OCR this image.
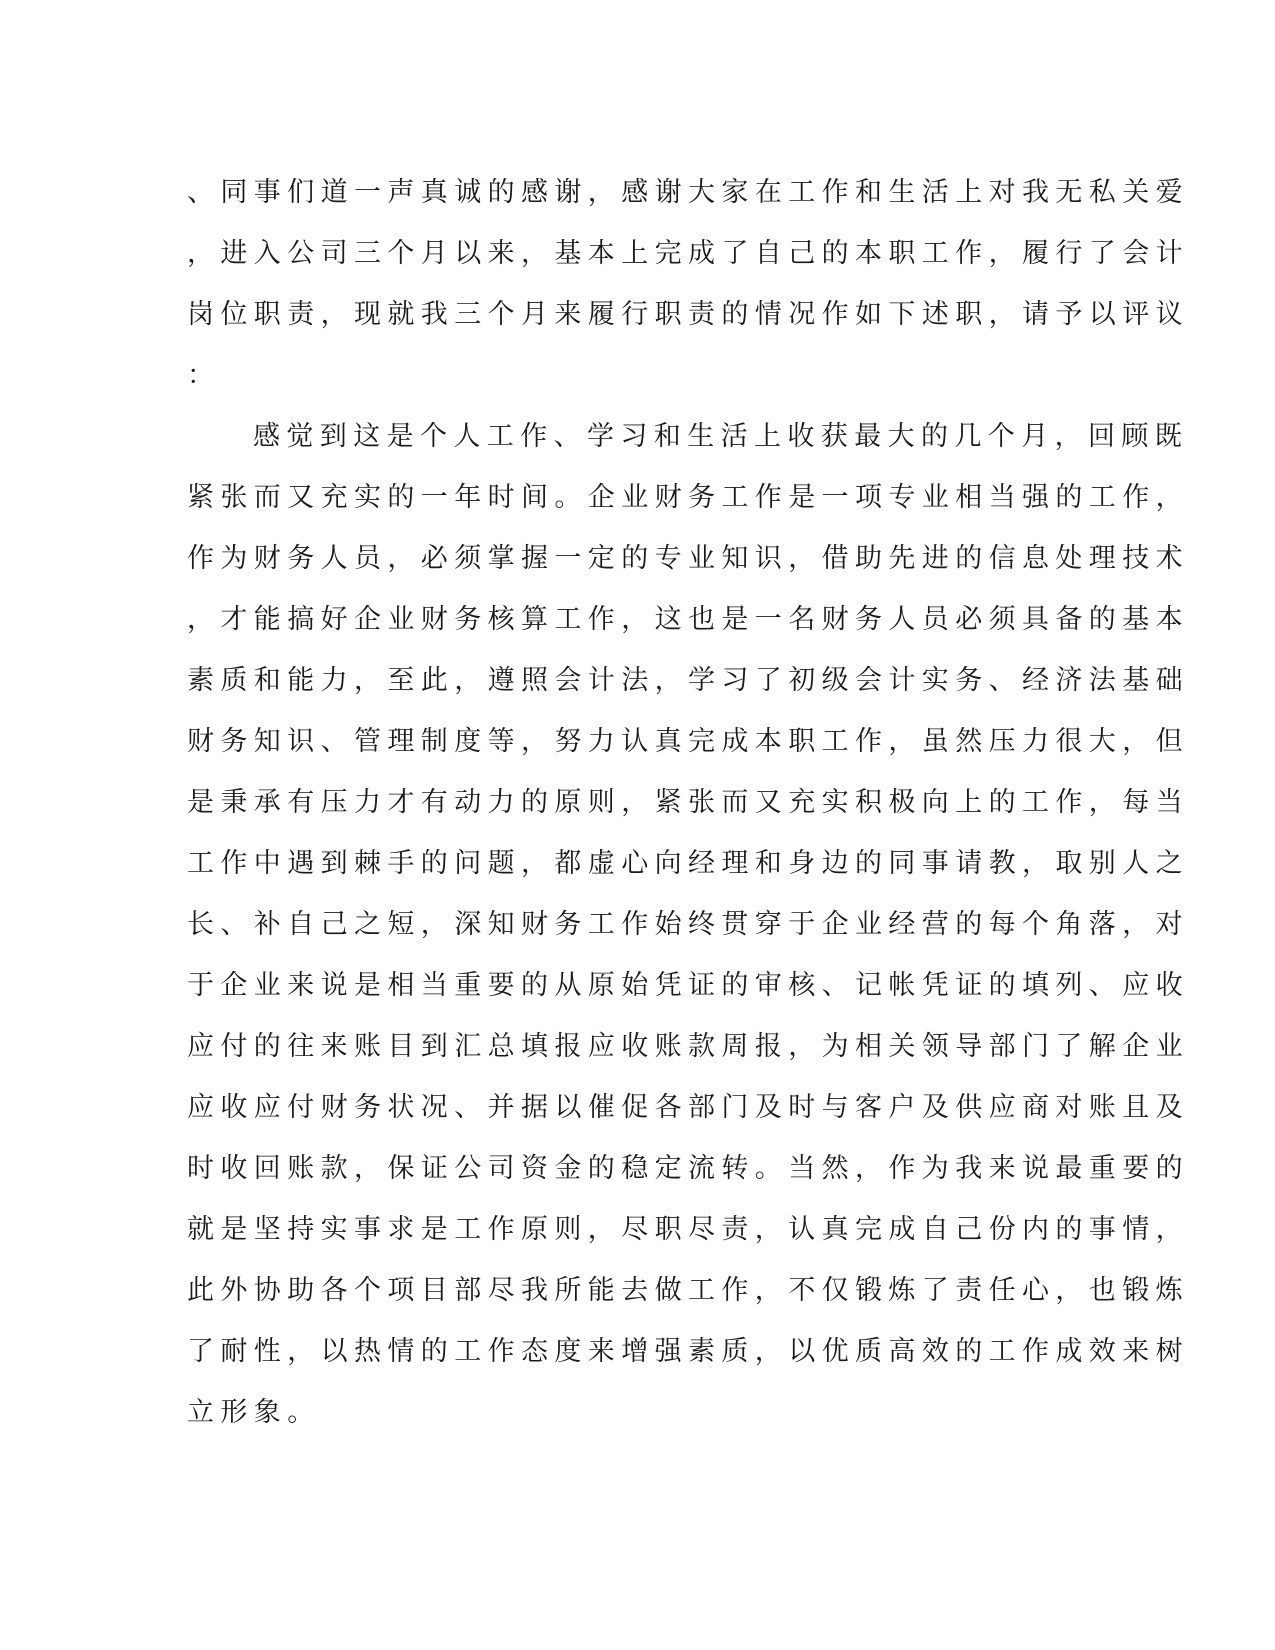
、同事们道一声真诚的感谢，感谢大家在工作和生活上对我无私关爱
，进入公司三个月以来，基本上完成了自己的本职工作，履行了会计
岗位职责，现就我三个月来履行职责的情况作如下述职，请予以评议
：
感觉到这是个人工作、学习和生活上收获最大的几个月，回顾既
紧张而又充实的一年时间。企业财务工作是一项专业相当强的工作，
作为财务人员，必须掌握一定的专业知识，借助先进的信息处理技术
，才能搞好企业财务核算工作，这也是一名财务人员必须具备的基本
素质和能力，至此，遵照会计法，学习了初级会计实务、经济法基础
财务知识、管理制度等，努力认真完成本职工作，虽然压力很大，但
是秉承有压力才有动力的原则，紧张而又充实积极向上的工作，每当
工作中遇到棘手的问题，都虚心向经理和身边的同事请教，取别人之
长、补自己之短，深知财务工作始终贯穿于企业经营的每个角落，对
于企业来说是相当重要的从原始凭证的审核、记帐凭证的填列、应收
应付的往来账目到汇总填报应收账款周报，为相关领导部门了解企业
应收应付财务状况、并据以催促各部门及时与客户及供应商对账且及
时收回账款，保证公司资金的稳定流转。当然，作为我来说最重要的
就是坚持实事求是工作原则，尽职尽责，认真完成自己份内的事情，
此外协助各个项目部尽我所能去做工作，不仅锻炼了责任心，也锻炼
了耐性，以热情的工作态度来增强素质，以优质高效的工作成效来树
立形象。
